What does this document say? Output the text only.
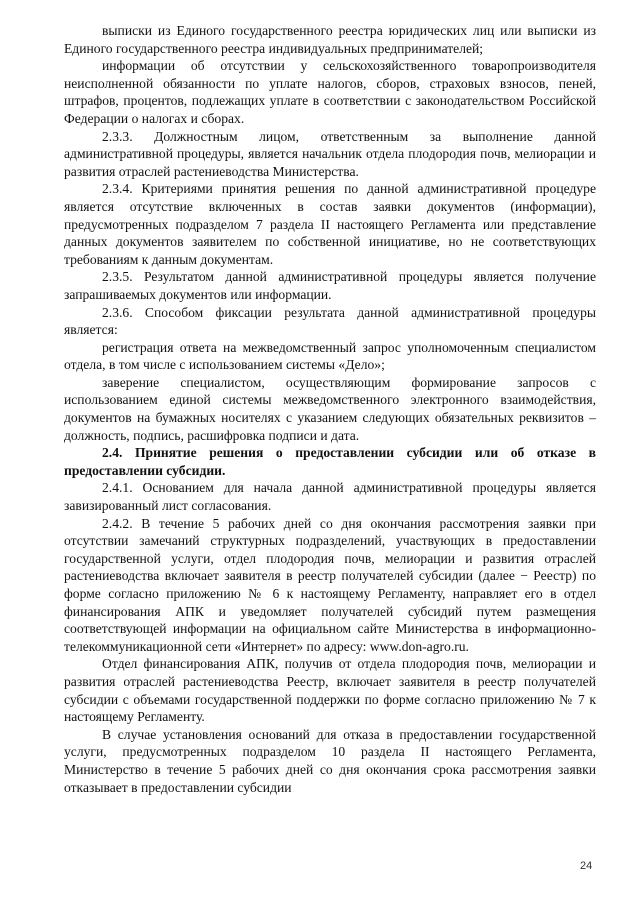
выписки из Единого государственного реестра юридических лиц или выписки из Единого государственного реестра индивидуальных предпринимателей;

информации об отсутствии у сельскохозяйственного товаропроизводителя неисполненной обязанности по уплате налогов, сборов, страховых взносов, пеней, штрафов, процентов, подлежащих уплате в соответствии с законодательством Российской Федерации о налогах и сборах.

2.3.3. Должностным лицом, ответственным за выполнение данной административной процедуры, является начальник отдела плодородия почв, мелиорации и развития отраслей растениеводства Министерства.

2.3.4. Критериями принятия решения по данной административной процедуре является отсутствие включенных в состав заявки документов (информации), предусмотренных подразделом 7 раздела II настоящего Регламента или представление данных документов заявителем по собственной инициативе, но не соответствующих требованиям к данным документам.

2.3.5. Результатом данной административной процедуры является получение запрашиваемых документов или информации.

2.3.6. Способом фиксации результата данной административной процедуры является:

регистрация ответа на межведомственный запрос уполномоченным специалистом отдела, в том числе с использованием системы «Дело»;

заверение специалистом, осуществляющим формирование запросов с использованием единой системы межведомственного электронного взаимодействия, документов на бумажных носителях с указанием следующих обязательных реквизитов – должность, подпись, расшифровка подписи и дата.

2.4. Принятие решения о предоставлении субсидии или об отказе в предоставлении субсидии.

2.4.1. Основанием для начала данной административной процедуры является завизированный лист согласования.

2.4.2. В течение 5 рабочих дней со дня окончания рассмотрения заявки при отсутствии замечаний структурных подразделений, участвующих в предоставлении государственной услуги, отдел плодородия почв, мелиорации и развития отраслей растениеводства включает заявителя в реестр получателей субсидии (далее − Реестр) по форме согласно приложению № 6 к настоящему Регламенту, направляет его в отдел финансирования АПК и уведомляет получателей субсидий путем размещения соответствующей информации на официальном сайте Министерства в информационно-телекоммуникационной сети «Интернет» по адресу: www.don-agro.ru.

Отдел финансирования АПК, получив от отдела плодородия почв, мелиорации и развития отраслей растениеводства Реестр, включает заявителя в реестр получателей субсидии с объемами государственной поддержки по форме согласно приложению № 7 к настоящему Регламенту.

В случае установления оснований для отказа в предоставлении государственной услуги, предусмотренных подразделом 10 раздела II настоящего Регламента, Министерство в течение 5 рабочих дней со дня окончания срока рассмотрения заявки отказывает в предоставлении субсидии

24
